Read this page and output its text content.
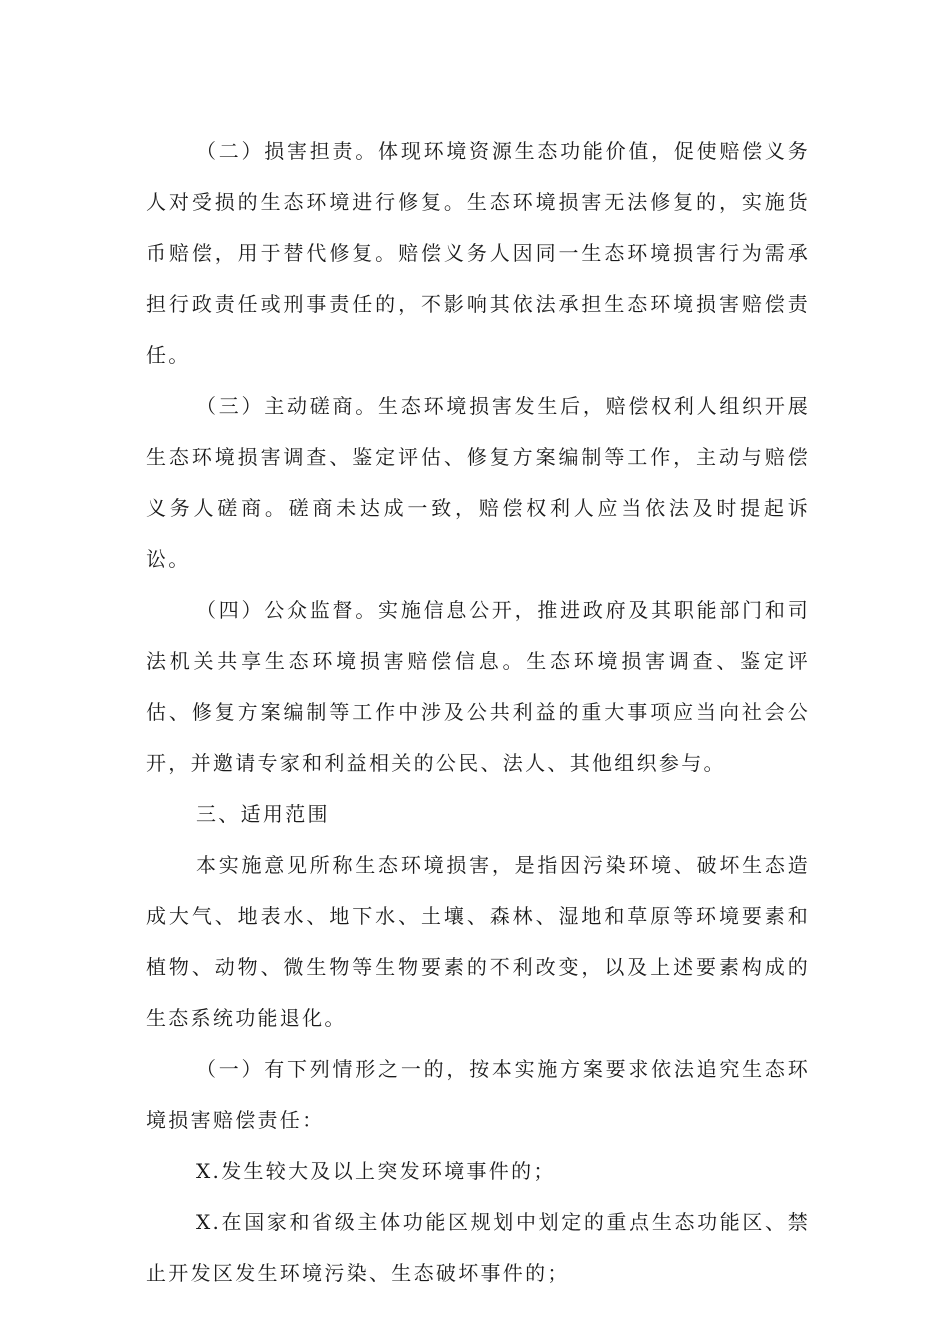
（二）损害担责。体现环境资源生态功能价值，促使赔偿义务人对受损的生态环境进行修复。生态环境损害无法修复的，实施货币赔偿，用于替代修复。赔偿义务人因同一生态环境损害行为需承担行政责任或刑事责任的，不影响其依法承担生态环境损害赔偿责任。

（三）主动磋商。生态环境损害发生后，赔偿权利人组织开展生态环境损害调查、鉴定评估、修复方案编制等工作，主动与赔偿义务人磋商。磋商未达成一致，赔偿权利人应当依法及时提起诉讼。

（四）公众监督。实施信息公开，推进政府及其职能部门和司法机关共享生态环境损害赔偿信息。生态环境损害调查、鉴定评估、修复方案编制等工作中涉及公共利益的重大事项应当向社会公开，并邀请专家和利益相关的公民、法人、其他组织参与。

三、适用范围

本实施意见所称生态环境损害，是指因污染环境、破坏生态造成大气、地表水、地下水、土壤、森林、湿地和草原等环境要素和植物、动物、微生物等生物要素的不利改变，以及上述要素构成的生态系统功能退化。

（一）有下列情形之一的，按本实施方案要求依法追究生态环境损害赔偿责任：

X.发生较大及以上突发环境事件的；

X.在国家和省级主体功能区规划中划定的重点生态功能区、禁止开发区发生环境污染、生态破坏事件的；
